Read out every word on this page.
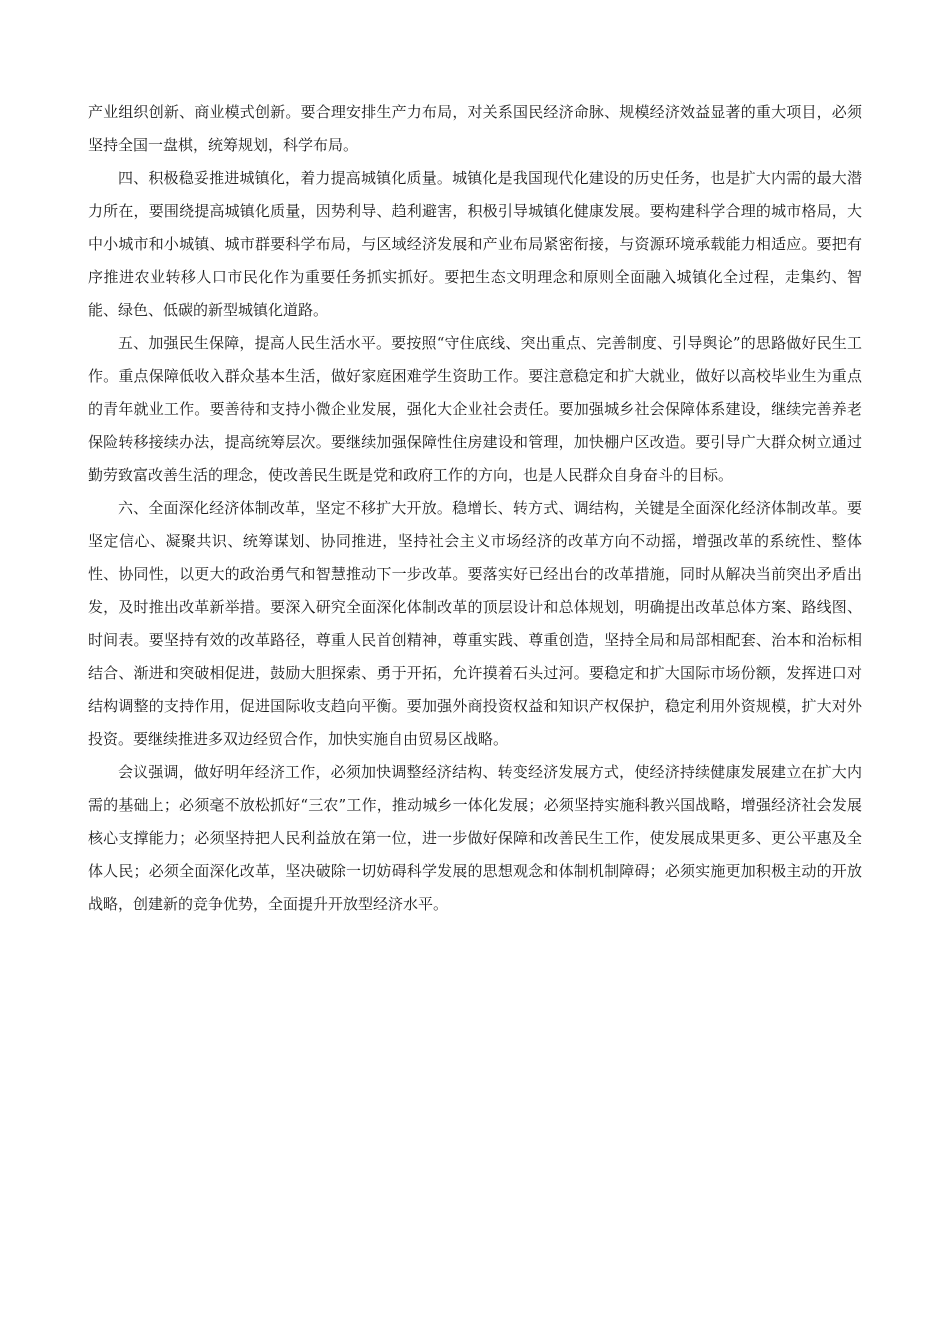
产业组织创新、商业模式创新。要合理安排生产力布局，对关系国民经济命脉、规模经济效益显著的重大项目，必须坚持全国一盘棋，统筹规划，科学布局。

四、积极稳妥推进城镇化，着力提高城镇化质量。城镇化是我国现代化建设的历史任务，也是扩大内需的最大潜力所在，要围绕提高城镇化质量，因势利导、趋利避害，积极引导城镇化健康发展。要构建科学合理的城市格局，大中小城市和小城镇、城市群要科学布局，与区域经济发展和产业布局紧密衔接，与资源环境承载能力相适应。要把有序推进农业转移人口市民化作为重要任务抓实抓好。要把生态文明理念和原则全面融入城镇化全过程，走集约、智能、绿色、低碳的新型城镇化道路。

五、加强民生保障，提高人民生活水平。要按照“守住底线、突出重点、完善制度、引导舆论”的思路做好民生工作。重点保障低收入群众基本生活，做好家庭困难学生资助工作。要注意稳定和扩大就业，做好以高校毕业生为重点的青年就业工作。要善待和支持小微企业发展，强化大企业社会责任。要加强城乡社会保障体系建设，继续完善养老保险转移接续办法，提高统筹层次。要继续加强保障性住房建设和管理，加快棚户区改造。要引导广大群众树立通过勤劳致富改善生活的理念，使改善民生既是党和政府工作的方向，也是人民群众自身奋斗的目标。

六、全面深化经济体制改革，坚定不移扩大开放。稳增长、转方式、调结构，关键是全面深化经济体制改革。要坚定信心、凝聚共识、统筹谋划、协同推进，坚持社会主义市场经济的改革方向不动摇，增强改革的系统性、整体性、协同性，以更大的政治勇气和智慧推动下一步改革。要落实好已经出台的改革措施，同时从解决当前突出矛盾出发，及时推出改革新举措。要深入研究全面深化体制改革的顶层设计和总体规划，明确提出改革总体方案、路线图、时间表。要坚持有效的改革路径，尊重人民首创精神，尊重实践、尊重创造，坚持全局和局部相配套、治本和治标相结合、渐进和突破相促进，鼓励大胆探索、勇于开拓，允许摸着石头过河。要稳定和扩大国际市场份额，发挥进口对结构调整的支持作用，促进国际收支趋向平衡。要加强外商投资权益和知识产权保护，稳定利用外资规模，扩大对外投资。要继续推进多双边经贸合作，加快实施自由贸易区战略。

会议强调，做好明年经济工作，必须加快调整经济结构、转变经济发展方式，使经济持续健康发展建立在扩大内需的基础上；必须毫不放松抓好“三农”工作，推动城乡一体化发展；必须坚持实施科教兴国战略，增强经济社会发展核心支撑能力；必须坚持把人民利益放在第一位，进一步做好保障和改善民生工作，使发展成果更多、更公平惠及全体人民；必须全面深化改革，坚决破除一切妨碍科学发展的思想观念和体制机制障碍；必须实施更加积极主动的开放战略，创建新的竞争优势，全面提升开放型经济水平。
